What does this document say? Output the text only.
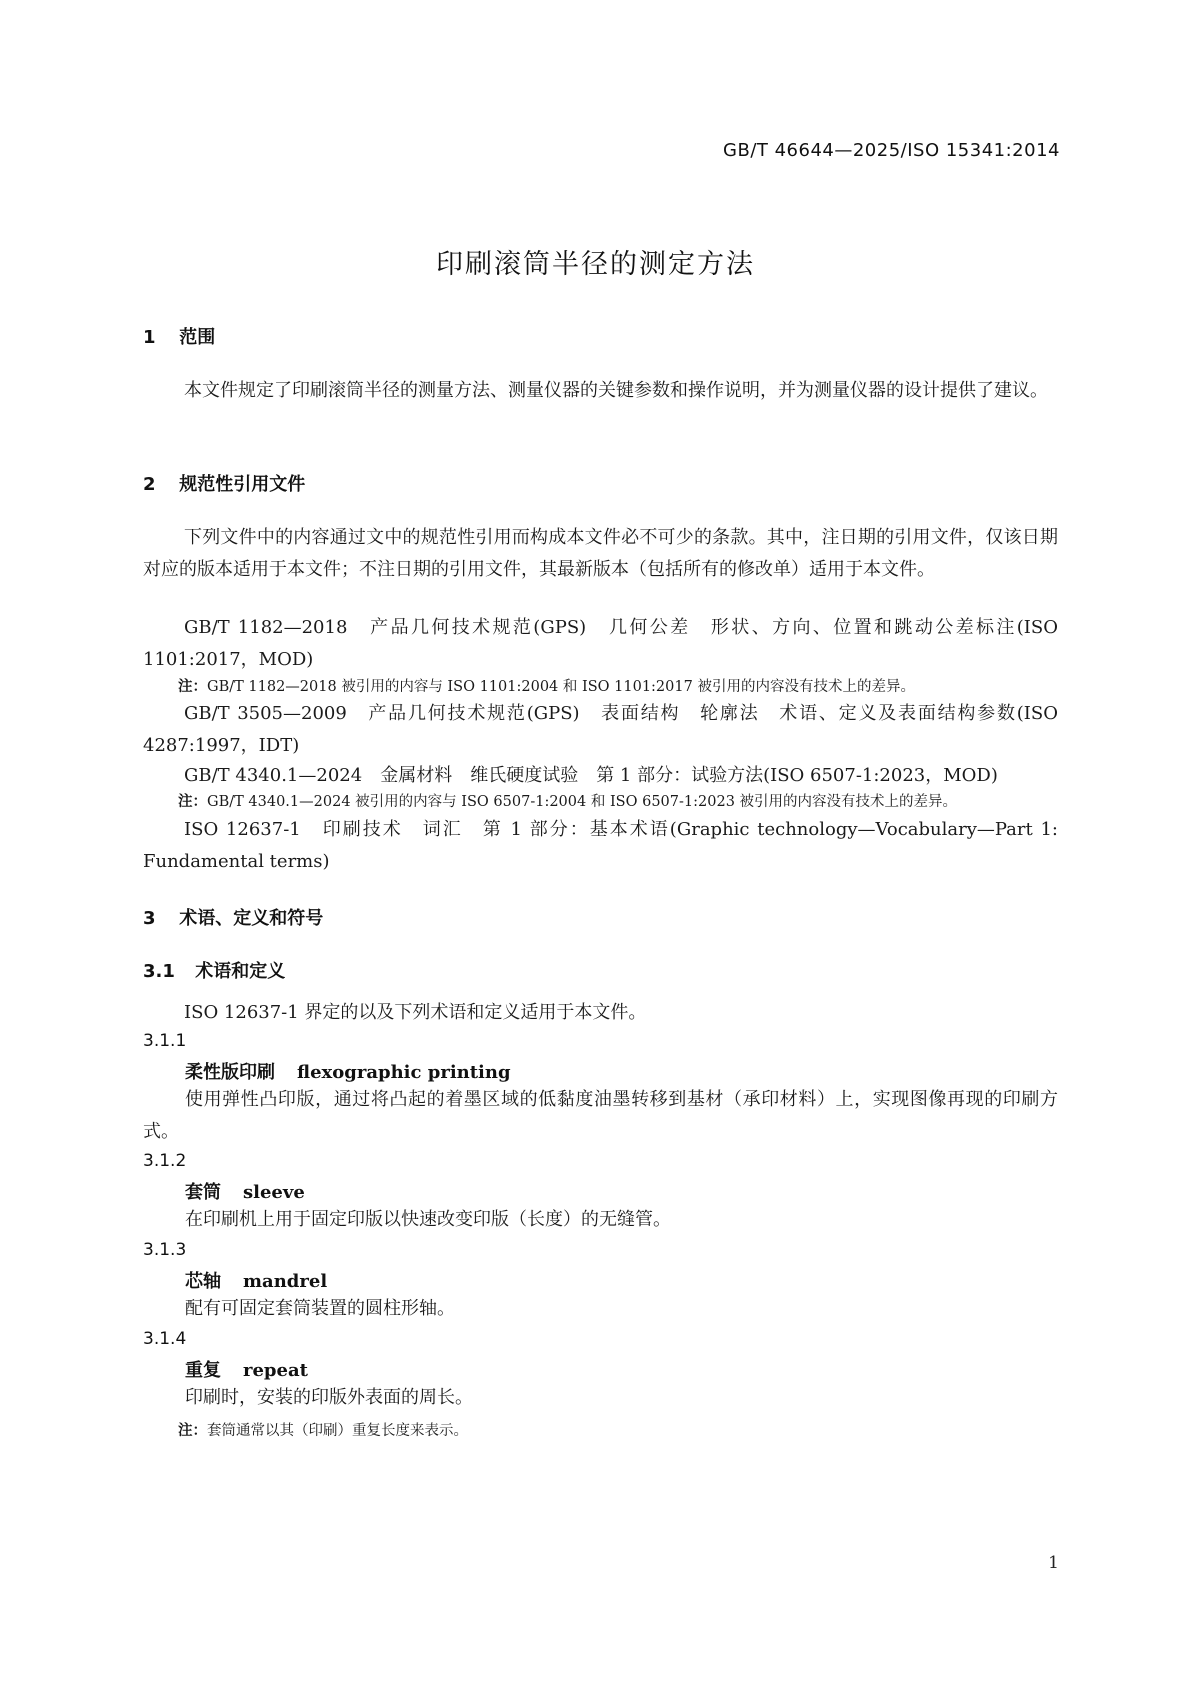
GB/T 46644—2025/ISO 15341:2014
印刷滚筒半径的测定方法
1 范围
本文件规定了印刷滚筒半径的测量方法、测量仪器的关键参数和操作说明，并为测量仪器的设计提供了建议。
2 规范性引用文件
下列文件中的内容通过文中的规范性引用而构成本文件必不可少的条款。其中，注日期的引用文件，仅该日期对应的版本适用于本文件；不注日期的引用文件，其最新版本（包括所有的修改单）适用于本文件。
GB/T 1182—2018　产品几何技术规范(GPS)　几何公差　形状、方向、位置和跳动公差标注(ISO 1101:2017，MOD)
注：GB/T 1182—2018 被引用的内容与 ISO 1101:2004 和 ISO 1101:2017 被引用的内容没有技术上的差异。
GB/T 3505—2009　产品几何技术规范(GPS)　表面结构　轮廓法　术语、定义及表面结构参数(ISO 4287:1997，IDT)
GB/T 4340.1—2024　金属材料　维氏硬度试验　第 1 部分：试验方法(ISO 6507-1:2023，MOD)
注：GB/T 4340.1—2024 被引用的内容与 ISO 6507-1:2004 和 ISO 6507-1:2023 被引用的内容没有技术上的差异。
ISO 12637-1　印刷技术　词汇　第 1 部分：基本术语(Graphic technology—Vocabulary—Part 1: Fundamental terms)
3 术语、定义和符号
3.1 术语和定义
ISO 12637-1 界定的以及下列术语和定义适用于本文件。
3.1.1
柔性版印刷 flexographic printing
使用弹性凸印版，通过将凸起的着墨区域的低黏度油墨转移到基材（承印材料）上，实现图像再现的印刷方式。
3.1.2
套筒 sleeve
在印刷机上用于固定印版以快速改变印版（长度）的无缝管。
3.1.3
芯轴 mandrel
配有可固定套筒装置的圆柱形轴。
3.1.4
重复 repeat
印刷时，安装的印版外表面的周长。
注：套筒通常以其（印刷）重复长度来表示。
1
